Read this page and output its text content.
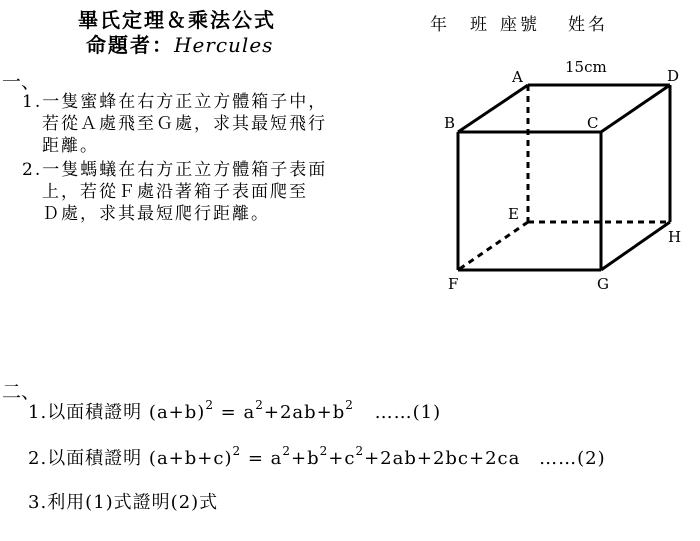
畢氏定理＆乘法公式
命題者：Hercules
年 班 座號 姓名
一、
1.一隻蜜蜂在右方正立方體箱子中，
若從Ａ處飛至Ｇ處，求其最短飛行
距離。
2.一隻螞蟻在右方正立方體箱子表面
上，若從Ｆ處沿著箱子表面爬至
Ｄ處，求其最短爬行距離。
15cm
A	D
B	C
E
H
F	G
二、
1.以面積證明 $(a+b)^2 = a^2+2ab+b^2$ ……(1)
2.以面積證明 $(a+b+c)^2 = a^2+b^2+c^2+2ab+2bc+2ca$ ……(2)
3.利用(1)式證明(2)式
